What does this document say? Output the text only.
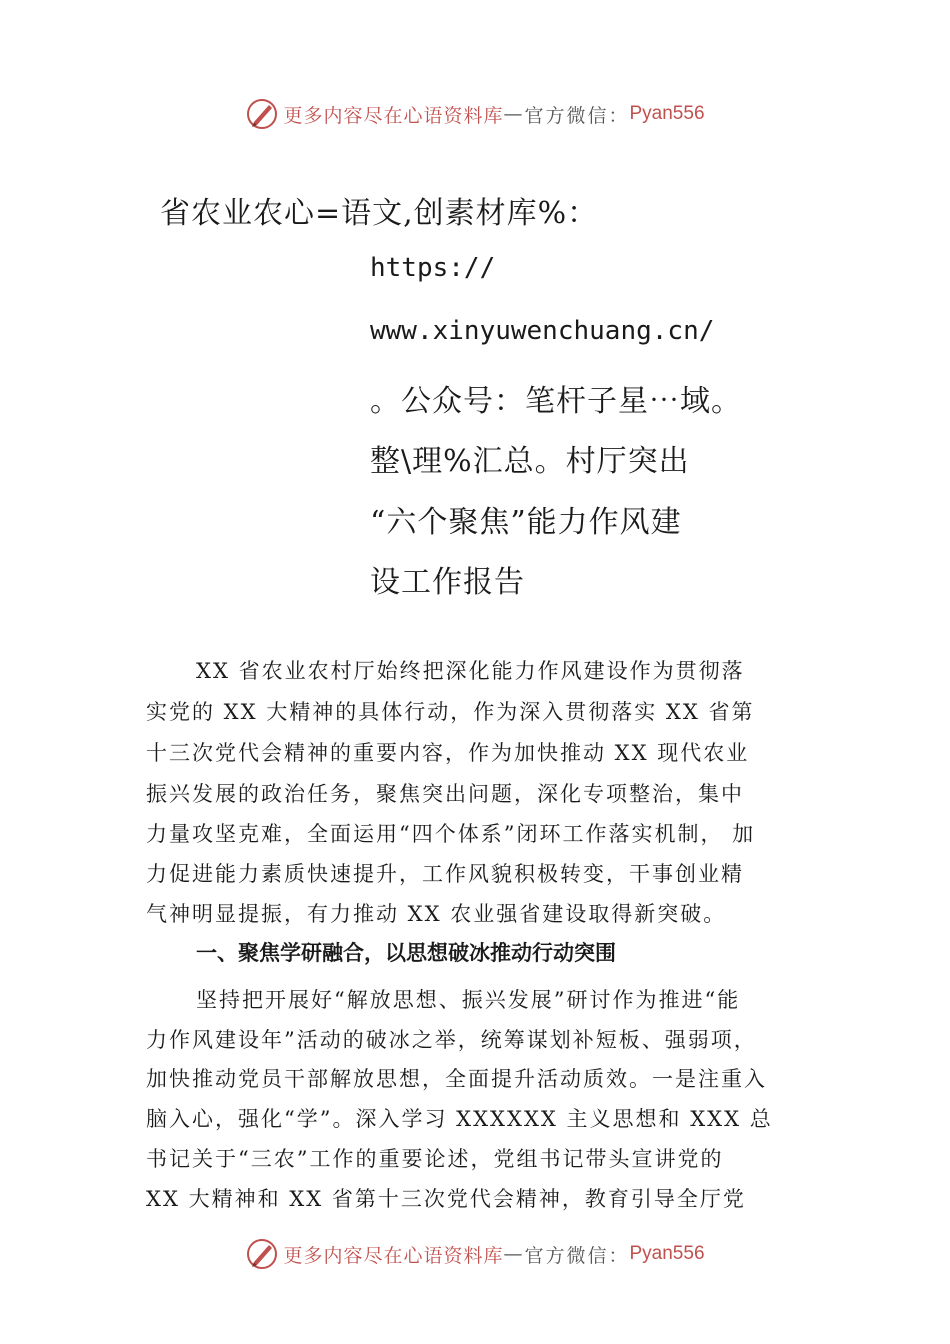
更多内容尽在心语资料库 — 官方微信： Pyan556
省农业农心=语文,创素材库%：
https://
www.xinyuwenchuang.cn/
。公众号：笔杆子星⋯域。
整\理%汇总。村厅突出
“六个聚焦”能力作风建
设工作报告
XX 省农业农村厅始终把深化能力作风建设作为贯彻落
实党的 XX 大精神的具体行动，作为深入贯彻落实 XX 省第
十三次党代会精神的重要内容，作为加快推动 XX 现代农业
振兴发展的政治任务，聚焦突出问题，深化专项整治，集中
力量攻坚克难，全面运用“四个体系”闭环工作落实机制， 加
力促进能力素质快速提升，工作风貌积极转变，干事创业精
气神明显提振，有力推动 XX 农业强省建设取得新突破。
一、聚焦学研融合，以思想破冰推动行动突围
坚持把开展好“解放思想、振兴发展”研讨作为推进“能
力作风建设年”活动的破冰之举，统筹谋划补短板、强弱项，
加快推动党员干部解放思想，全面提升活动质效。一是注重入
脑入心，强化“学”。深入学习 XXXXXX 主义思想和 XXX 总
书记关于“三农”工作的重要论述，党组书记带头宣讲党的
XX 大精神和 XX 省第十三次党代会精神，教育引导全厅党
更多内容尽在心语资料库 — 官方微信： Pyan556
